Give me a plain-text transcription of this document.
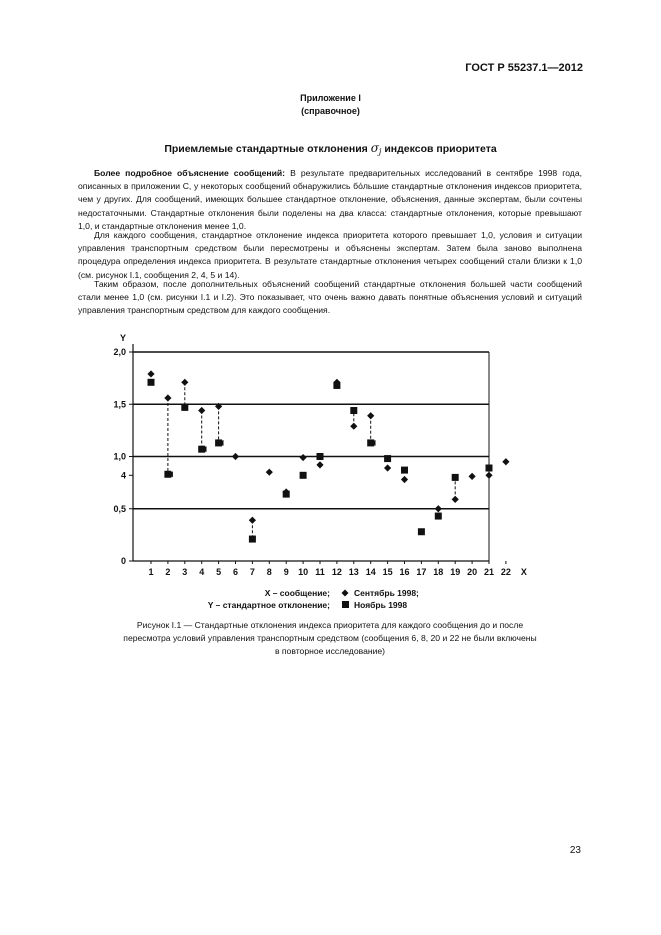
ГОСТ Р 55237.1—2012
Приложение I
(справочное)
Приемлемые стандартные отклонения $\sigma_j$ индексов приоритета

Более подробное объяснение сообщений: В результате предварительных исследований в сентябре 1998 года, описанных в приложении С, у некоторых сообщений обнаружились бо́льшие стандартные отклонения индексов приоритета, чем у других. Для сообщений, имеющих большее стандартное отклонение, объяснения, данные экспертам, были сочтены недостаточными. Стандартные отклонения были поделены на два класса: стандартные отклонения, которые превышают 1,0, и стандартные отклонения менее 1,0.

Для каждого сообщения, стандартное отклонение индекса приоритета которого превышает 1,0, условия и ситуации управления транспортным средством были пересмотрены и объяснены экспертам. Затем была заново выполнена процедура определения индекса приоритета. В результате стандартные отклонения четырех сообщений стали близки к 1,0 (см. рисунок I.1, сообщения 2, 4, 5 и 14).

Таким образом, после дополнительных объяснений сообщений стандартные отклонения большей части сообщений стали менее 1,0 (см. рисунки I.1 и I.2). Это показывает, что очень важно давать понятные объяснения условий и ситуаций управления транспортным средством для каждого сообщения.

0
0,5
4
1,0
1,5
2,0
Y
1 2 3 4 5 6 7 8 9 10 11 12 13 14 15 16 17 18 19 20 21 22 X
X – сообщение;
Y – стандартное отклонение;
Сентябрь 1998;
Ноябрь 1998
Рисунок I.1 — Стандартные отклонения индекса приоритета для каждого сообщения до и после
пересмотра условий управления транспортным средством (сообщения 6, 8, 20 и 22 не были включены
в повторное исследование)
23
